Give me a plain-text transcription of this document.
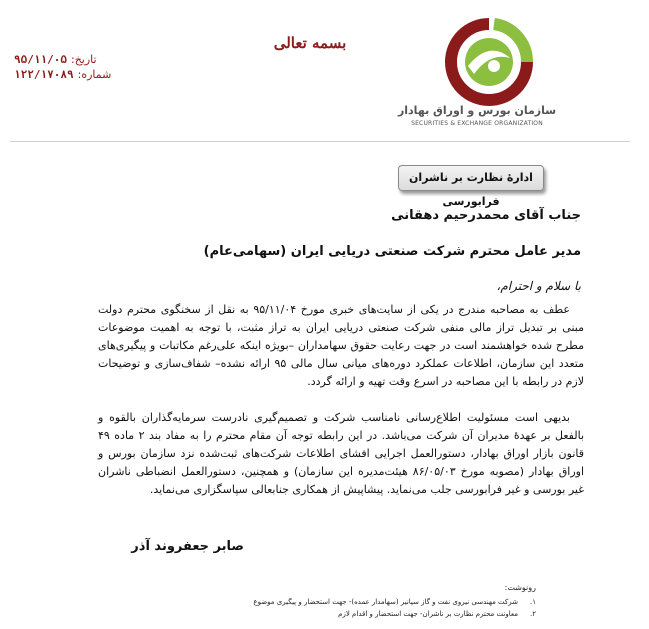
بسمه تعالی
تاریخ:
۹۵/۱۱/۰۵
شماره:
۱۲۲/۱۷۰۸۹
سازمان بورس و اوراق بهادار
SECURITIES & EXCHANGE ORGANIZATION
ادارهٔ نظارت بر ناشران فرابورسی
جناب آقای محمدرحیم دهقانی
مدیر عامل محترم شرکت صنعتی دریایی ایران (سهامی‌عام)
با سلام و احترام،
عطف به مصاحبه مندرج در یکی از سایت‌های خبری مورخ ۹۵/۱۱/۰۴ به نقل از سخنگوی محترم دولت مبنی بر تبدیل تراز مالی منفی شرکت صنعتی دریایی ایران به تراز مثبت، با توجه به اهمیت موضوعات مطرح شده خواهشمند است در جهت رعایت حقوق سهامداران –بویژه اینکه علی‌رغم مکاتبات و پیگیری‌های متعدد این سازمان، اطلاعات عملکرد دوره‌های میانی سال مالی ۹۵ ارائه نشده– شفاف‌سازی و توضیحات لازم در رابطه با این مصاحبه در اسرع وقت تهیه و ارائه گردد.
بدیهی است مسئولیت اطلاع‌رسانی نامناسب شرکت و تصمیم‌گیری نادرست سرمایه‌گذاران بالقوه و بالفعل بر عهدهٔ مدیران آن شرکت می‌باشد. در این رابطه توجه آن مقام محترم را به مفاد بند ۲ ماده ۴۹ قانون بازار اوراق بهادار، دستورالعمل اجرایی افشای اطلاعات شرکت‌های ثبت‌شده نزد سازمان بورس و اوراق بهادار (مصوبه مورخ ۸۶/۰۵/۰۳ هیئت‌مدیره این سازمان) و همچنین، دستورالعمل انضباطی ناشران غیر بورسی و غیر فرابورسی جلب می‌نماید. پیشاپیش از همکاری جنابعالی سپاسگزاری می‌نماید.
صابر جعفروند آذر
رونوشت:
۱.
شرکت مهندسی نیروی نفت و گاز سپانیر (سهامدار عمده)- جهت استحضار و پیگیری موضوع
۲.
معاونت محترم نظارت بر ناشران- جهت استحضار و اقدام لازم
